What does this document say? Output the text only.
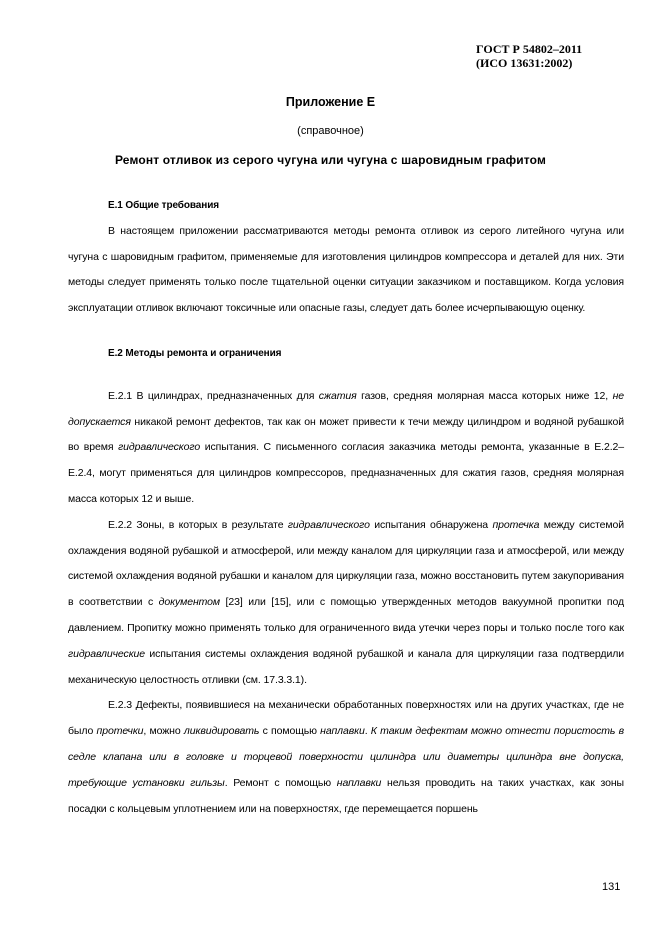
ГОСТ Р 54802–2011
(ИСО 13631:2002)
Приложение Е
(справочное)
Ремонт отливок из серого чугуна или чугуна с шаровидным графитом

Е.1 Общие требования

В настоящем приложении рассматриваются методы ремонта отливок из серого литейного чугуна или чугуна с шаровидным графитом, применяемые для изготовления цилиндров компрессора и деталей для них. Эти методы следует применять только после тщательной оценки ситуации заказчиком и поставщиком. Когда условия эксплуатации отливок включают токсичные или опасные газы, следует дать более исчерпывающую оценку.

Е.2 Методы ремонта и ограничения

Е.2.1 В цилиндрах, предназначенных для сжатия газов, средняя молярная масса которых ниже 12, не допускается никакой ремонт дефектов, так как он может привести к течи между цилиндром и водяной рубашкой во время гидравлического испытания. С письменного согласия заказчика методы ремонта, указанные в Е.2.2–Е.2.4, могут применяться для цилиндров компрессоров, предназначенных для сжатия газов, средняя молярная масса которых 12 и выше.

Е.2.2 Зоны, в которых в результате гидравлического испытания обнаружена протечка между системой охлаждения водяной рубашкой и атмосферой, или между каналом для циркуляции газа и атмосферой, или между системой охлаждения водяной рубашки и каналом для циркуляции газа, можно восстановить путем закупоривания в соответствии с документом [23] или [15], или с помощью утвержденных методов вакуумной пропитки под давлением. Пропитку можно применять только для ограниченного вида утечки через поры и только после того как гидравлические испытания системы охлаждения водяной рубашкой и канала для циркуляции газа подтвердили механическую целостность отливки (см. 17.3.3.1).

Е.2.3 Дефекты, появившиеся на механически обработанных поверхностях или на других участках, где не было протечки, можно ликвидировать с помощью наплавки. К таким дефектам можно отнести пористость в седле клапана или в головке и торцевой поверхности цилиндра или диаметры цилиндра вне допуска, требующие установки гильзы. Ремонт с помощью наплавки нельзя проводить на таких участках, как зоны посадки с кольцевым уплотнением или на поверхностях, где перемещается поршень

131
